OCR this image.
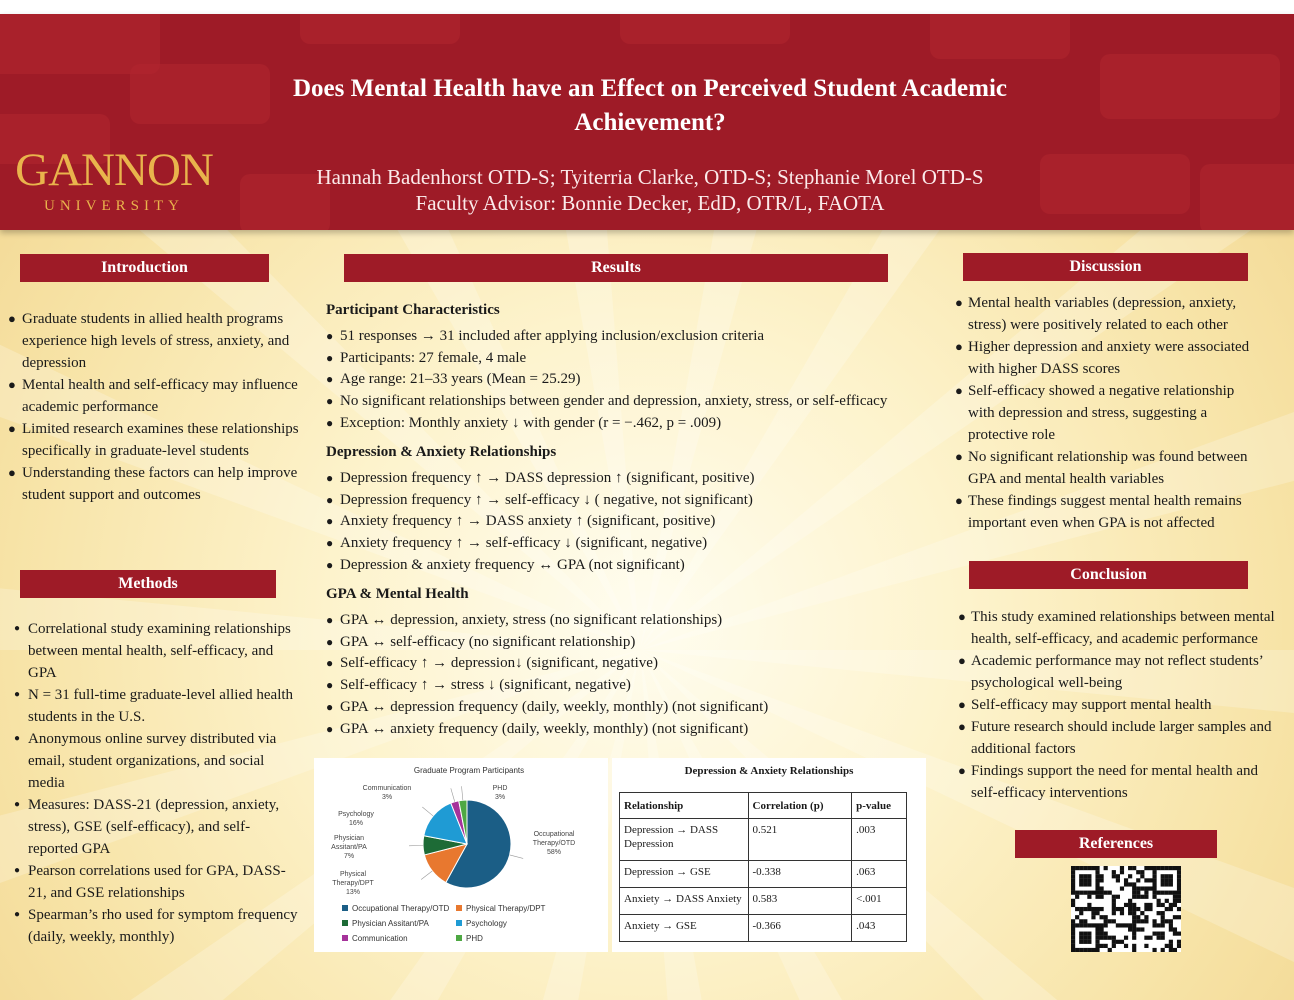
Does Mental Health have an Effect on Perceived Student Academic Achievement?
Hannah Badenhorst OTD-S; Tyiterria Clarke, OTD-S; Stephanie Morel OTD-S
Faculty Advisor: Bonnie Decker, EdD, OTR/L, FAOTA
GANNON
UNIVERSITY
Introduction
● Graduate students in allied health programs experience high levels of stress, anxiety, and depression
● Mental health and self-efficacy may influence academic performance
● Limited research examines these relationships specifically in graduate-level students
● Understanding these factors can help improve student support and outcomes
Methods
● Correlational study examining relationships between mental health, self-efficacy, and GPA
● N = 31 full-time graduate-level allied health students in the U.S.
● Anonymous online survey distributed via email, student organizations, and social media
● Measures: DASS-21 (depression, anxiety, stress), GSE (self-efficacy), and self-reported GPA
● Pearson correlations used for GPA, DASS-21, and GSE relationships
● Spearman’s rho used for symptom frequency (daily, weekly, monthly)
Results
Participant Characteristics
● 51 responses → 31 included after applying inclusion/exclusion criteria
● Participants: 27 female, 4 male
● Age range: 21–33 years (Mean = 25.29)
● No significant relationships between gender and depression, anxiety, stress, or self-efficacy
● Exception: Monthly anxiety ↓ with gender (r = −.462, p = .009)
Depression & Anxiety Relationships
● Depression frequency ↑ → DASS depression ↑ (significant, positive)
● Depression frequency ↑ → self-efficacy ↓ ( negative, not significant)
● Anxiety frequency ↑ → DASS anxiety ↑ (significant, positive)
● Anxiety frequency ↑ → self-efficacy ↓ (significant, negative)
● Depression & anxiety frequency ↔ GPA (not significant)
GPA & Mental Health
● GPA ↔ depression, anxiety, stress (no significant relationships)
● GPA ↔ self-efficacy (no significant relationship)
● Self-efficacy ↑ → depression↓ (significant, negative)
● Self-efficacy ↑ → stress ↓ (significant, negative)
● GPA ↔ depression frequency (daily, weekly, monthly) (not significant)
● GPA ↔ anxiety frequency (daily, weekly, monthly) (not significant)
Graduate Program Participants
Communication
3%
PHD
3%
Psychology
16%
Physician
Assitant/PA
7%
Physical
Therapy/DPT
13%
Occupational
Therapy/OTD
58%
Occupational Therapy/OTD	Physical Therapy/DPT
Physician Assitant/PA	Psychology
Communication	PHD
Depression & Anxiety Relationships
Relationship	Correlation (p)	p-value
Depression → DASS Depression	0.521	.003
Depression → GSE	-0.338	.063
Anxiety → DASS Anxiety	0.583	<.001
Anxiety → GSE	-0.366	.043
Discussion
● Mental health variables (depression, anxiety, stress) were positively related to each other
● Higher depression and anxiety were associated with higher DASS scores
● Self-efficacy showed a negative relationship with depression and stress, suggesting a protective role
● No significant relationship was found between GPA and mental health variables
● These findings suggest mental health remains important even when GPA is not affected
Conclusion
● This study examined relationships between mental health, self-efficacy, and academic performance
● Academic performance may not reflect students’ psychological well-being
● Self-efficacy may support mental health
● Future research should include larger samples and additional factors
● Findings support the need for mental health and self-efficacy interventions
References
